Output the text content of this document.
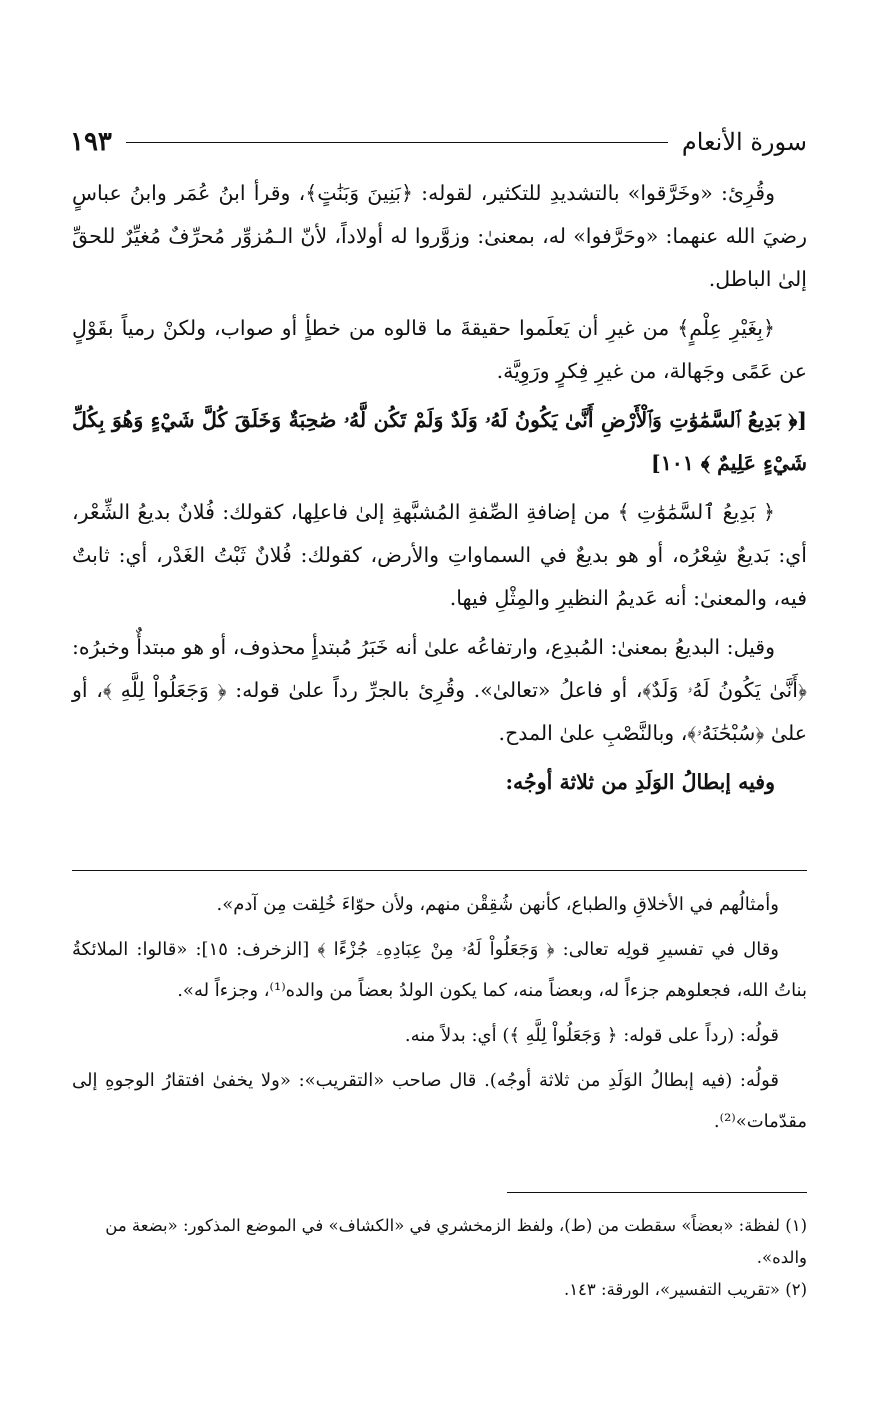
سورة الأنعام
١٩٣

وقُرِئ: «وخَرَّقوا» بالتشديدِ للتكثير، لقوله: ﴿بَنِينَ وَبَنَٰتٍ﴾، وقرأ ابنُ عُمَر وابنُ عباسٍ رضيَ الله عنهما: «وحَرَّفوا» له، بمعنىٰ: وزوَّروا له أولاداً، لأنّ الـمُزوِّر مُحرِّفٌ مُغيِّرٌ للحقِّ إلىٰ الباطل.

﴿بِغَيْرِ عِلْمٍ﴾ من غيرِ أن يَعلَموا حقيقةَ ما قالوه من خطأٍ أو صواب، ولكنْ رمياً بقَوْلٍ عن عَمًى وجَهالة، من غيرِ فِكرٍ ورَوِيَّة.

[﴿ بَدِيعُ ٱلسَّمَٰوَٰتِ وَٱلْأَرْضِ أَنَّىٰ يَكُونُ لَهُۥ وَلَدٌ وَلَمْ تَكُن لَّهُۥ صَٰحِبَةٌ وَخَلَقَ كُلَّ شَيْءٍ وَهُوَ بِكُلِّ شَيْءٍ عَلِيمٌ ﴾ ١٠١]

﴿ بَدِيعُ ٱلسَّمَٰوَٰتِ ﴾ من إضافةِ الصِّفةِ المُشبَّهةِ إلىٰ فاعلِها، كقولك: فُلانٌ بديعُ الشِّعْر، أي: بَديعٌ شِعْرُه، أو هو بديعٌ في السماواتِ والأرض، كقولك: فُلانٌ ثَبْتُ الغَدْر، أي: ثابتٌ فيه، والمعنىٰ: أنه عَديمُ النظيرِ والمِثْلِ فيها.

وقيل: البديعُ بمعنىٰ: المُبدِع، وارتفاعُه علىٰ أنه خَبَرُ مُبتدأٍ محذوف، أو هو مبتدأٌ وخبرُه: ﴿أَنَّىٰ يَكُونُ لَهُۥ وَلَدٌ﴾، أو فاعلُ «تعالىٰ». وقُرِئ بالجرِّ رداً علىٰ قوله: ﴿ وَجَعَلُواْ لِلَّهِ ﴾، أو علىٰ ﴿سُبْحَٰنَهُۥ﴾، وبالنَّصْبِ علىٰ المدح.

وفيه إبطالُ الوَلَدِ من ثلاثة أوجُه:

وأمثالُهم في الأخلاقِ والطباع، كأنهن شُقِقْن منهم، ولأن حوّاءَ خُلِقت مِن آدم».

وقال في تفسيرِ قولِه تعالى: ﴿ وَجَعَلُواْ لَهُۥ مِنْ عِبَادِهِۦ جُزْءًا ﴾ [الزخرف: ١٥]: «قالوا: الملائكةُ بناتُ الله، فجعلوهم جزءاً له، وبعضاً منه، كما يكون الولدُ بعضاً من والده⁽¹⁾، وجزءاً له».

قولُه: (رداً على قوله: ﴿ وَجَعَلُواْ لِلَّهِ ﴾) أي: بدلاً منه.

قولُه: (فيه إبطالُ الوَلَدِ من ثلاثة أوجُه). قال صاحب «التقريب»: «ولا يخفىٰ افتقارُ الوجوهِ إلى مقدّمات»⁽²⁾.

(١) لفظة: «بعضاً» سقطت من (ط)، ولفظ الزمخشري في «الكشاف» في الموضع المذكور: «بضعة من والده».

(٢) «تقريب التفسير»، الورقة: ١٤٣.
